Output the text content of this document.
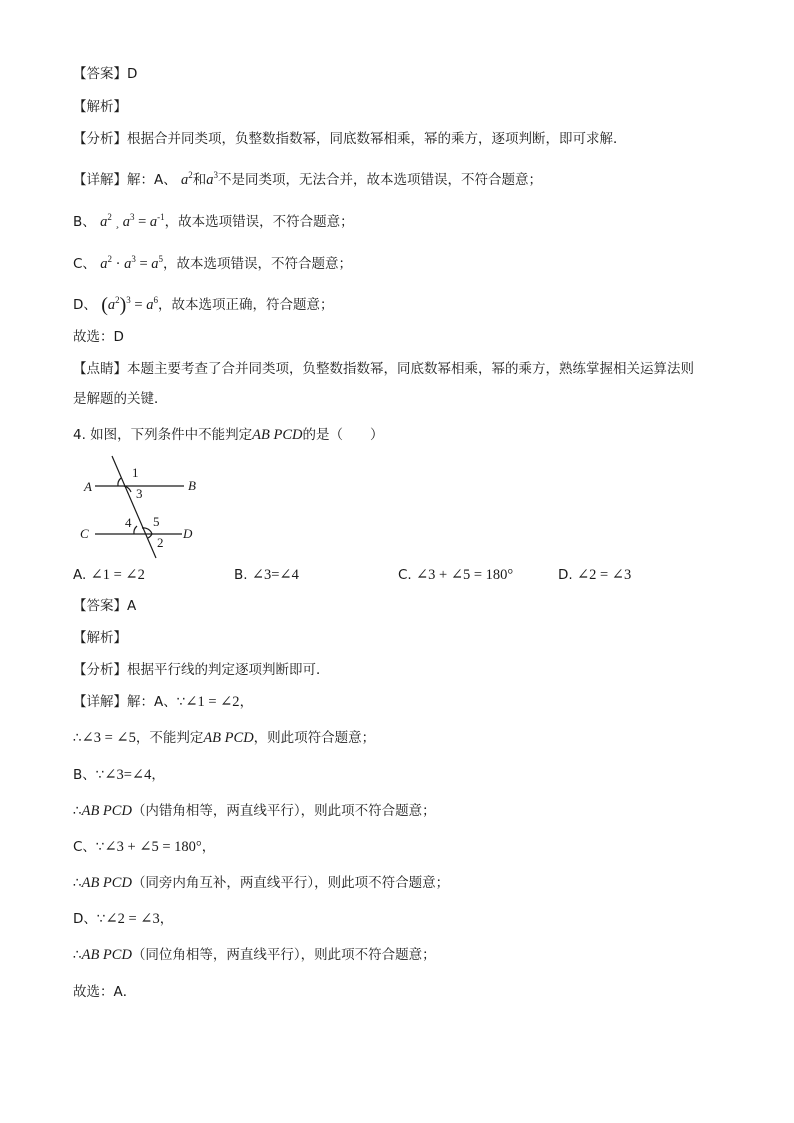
【答案】D
【解析】
【分析】根据合并同类项，负整数指数幂，同底数幂相乘，幂的乘方，逐项判断，即可求解．
【详解】解：A、 $a^2$和$a^3$不是同类项，无法合并，故本选项错误，不符合题意；
B、 $a^2$ ¸ $a^3 = a^{-1}$，故本选项错误，不符合题意；
C、 $a^2 \cdot a^3 = a^5$，故本选项错误，不符合题意；
D、 $(a^2)^3 = a^6$，故本选项正确，符合题意；
故选：D
【点睛】本题主要考查了合并同类项，负整数指数幂，同底数幂相乘，幂的乘方，熟练掌握相关运算法则
是解题的关键．
4. 如图，下列条件中不能判定AB PCD的是（　　）
A	B
C	D
1
3
4 5
2
A. ∠1 = ∠2	B. ∠3=∠4	C. ∠3 + ∠5 = 180°	D. ∠2 = ∠3
【答案】A
【解析】
【分析】根据平行线的判定逐项判断即可．
【详解】解：A、∵∠1 = ∠2，
∴∠3 = ∠5，不能判定AB PCD，则此项符合题意；
B、∵∠3=∠4，
∴AB PCD（内错角相等，两直线平行），则此项不符合题意；
C、∵∠3 + ∠5 = 180°，
∴AB PCD（同旁内角互补，两直线平行），则此项不符合题意；
D、∵∠2 = ∠3，
∴AB PCD（同位角相等，两直线平行），则此项不符合题意；
故选：A．
